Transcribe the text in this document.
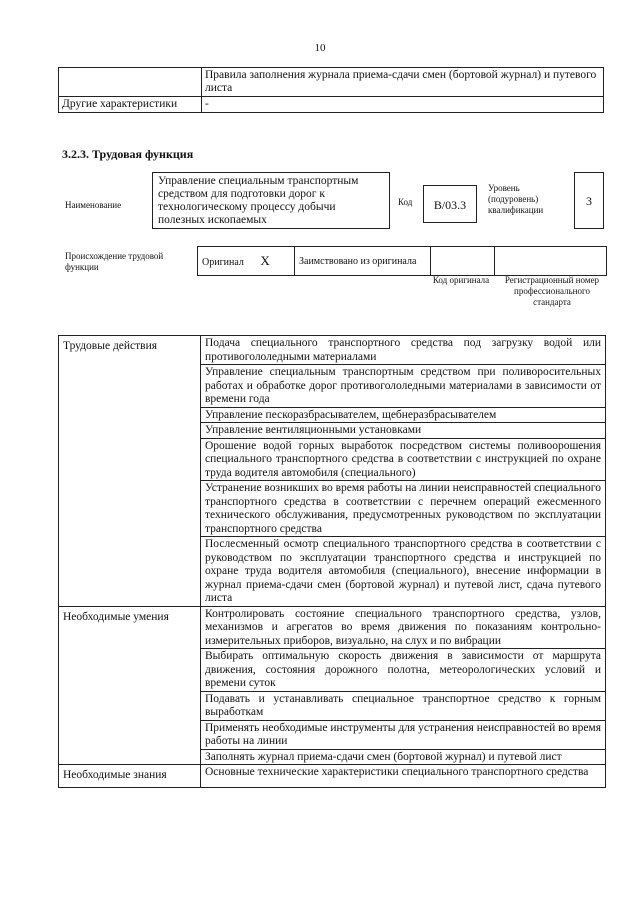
10
	Правила заполнения журнала приема-сдачи смен (бортовой журнал) и путевого листа
Другие характеристики	-
3.2.3. Трудовая функция
Наименование
Управление специальным транспортным средством для подготовки дорог к технологическому процессу добычи полезных ископаемых
Код	В/03.3
Уровень (подуровень) квалификации
3
Происхождение трудовой функции	Оригинал X	Заимствовано из оригинала		
Код оригинала	Регистрационный номер профессионального стандарта
Трудовые действия	Подача специального транспортного средства под загрузку водой или противогололедными материалами
	Управление специальным транспортным средством при поливоросительных работах и обработке дорог противогололедными материалами в зависимости от времени года
	Управление пескоразбрасывателем, щебнеразбрасывателем
	Управление вентиляционными установками
	Орошение водой горных выработок посредством системы поливоорошения специального транспортного средства в соответствии с инструкцией по охране труда водителя автомобиля (специального)
	Устранение возникших во время работы на линии неисправностей специального транспортного средства в соответствии с перечнем операций ежесменного технического обслуживания, предусмотренных руководством по эксплуатации транспортного средства
	Послесменный осмотр специального транспортного средства в соответствии с руководством по эксплуатации транспортного средства и инструкцией по охране труда водителя автомобиля (специального), внесение информации в журнал приема-сдачи смен (бортовой журнал) и путевой лист, сдача путевого листа
Необходимые умения	Контролировать состояние специального транспортного средства, узлов, механизмов и агрегатов во время движения по показаниям контрольно-измерительных приборов, визуально, на слух и по вибрации
	Выбирать оптимальную скорость движения в зависимости от маршрута движения, состояния дорожного полотна, метеорологических условий и времени суток
	Подавать и устанавливать специальное транспортное средство к горным выработкам
	Применять необходимые инструменты для устранения неисправностей во время работы на линии
	Заполнять журнал приема-сдачи смен (бортовой журнал) и путевой лист
Необходимые знания	Основные технические характеристики специального транспортного средства
